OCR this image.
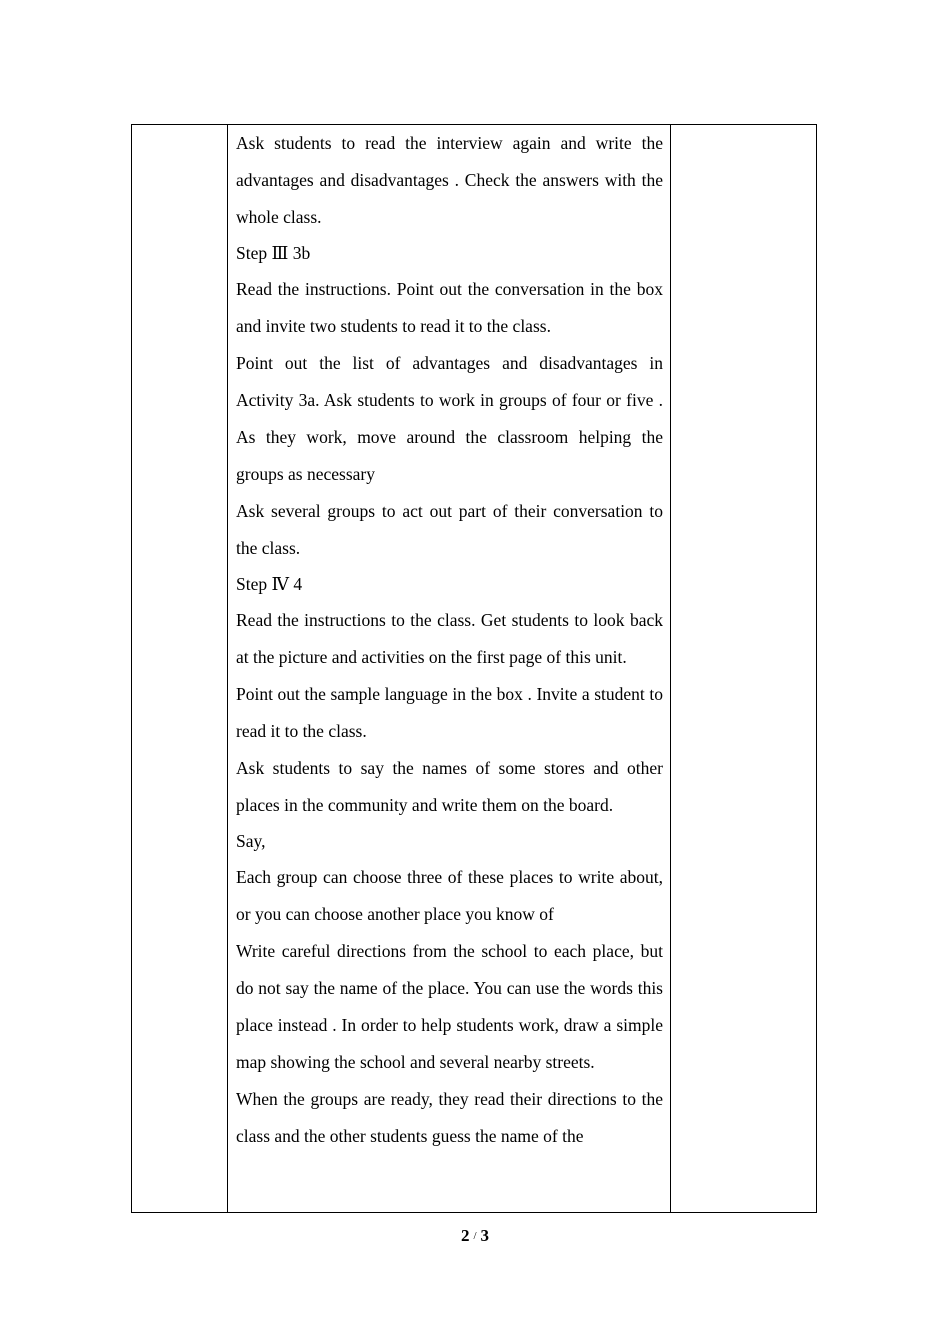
Ask students to read the interview again and write the advantages and disadvantages . Check the answers with the whole class.

Step Ⅲ 3b

Read the instructions. Point out the conversation in the box and invite two students to read it to the class.

Point out the list of advantages and disadvantages in Activity 3a. Ask students to work in groups of four or five . As they work, move around the classroom helping the groups as necessary

Ask several groups to act out part of their conversation to the class.

Step Ⅳ 4

Read the instructions to the class. Get students to look back at the picture and activities on the first page of this unit.

Point out the sample language in the box . Invite a student to read it to the class.

Ask students to say the names of some stores and other places in the community and write them on the board.

Say,

Each group can choose three of these places to write about, or you can choose another place you know of

Write careful directions from the school to each place, but do not say the name of the place. You can use the words this place instead . In order to help students work, draw a simple map showing the school and several nearby streets.

When the groups are ready, they read their directions to the class and the other students guess the name of the

2 / 3
